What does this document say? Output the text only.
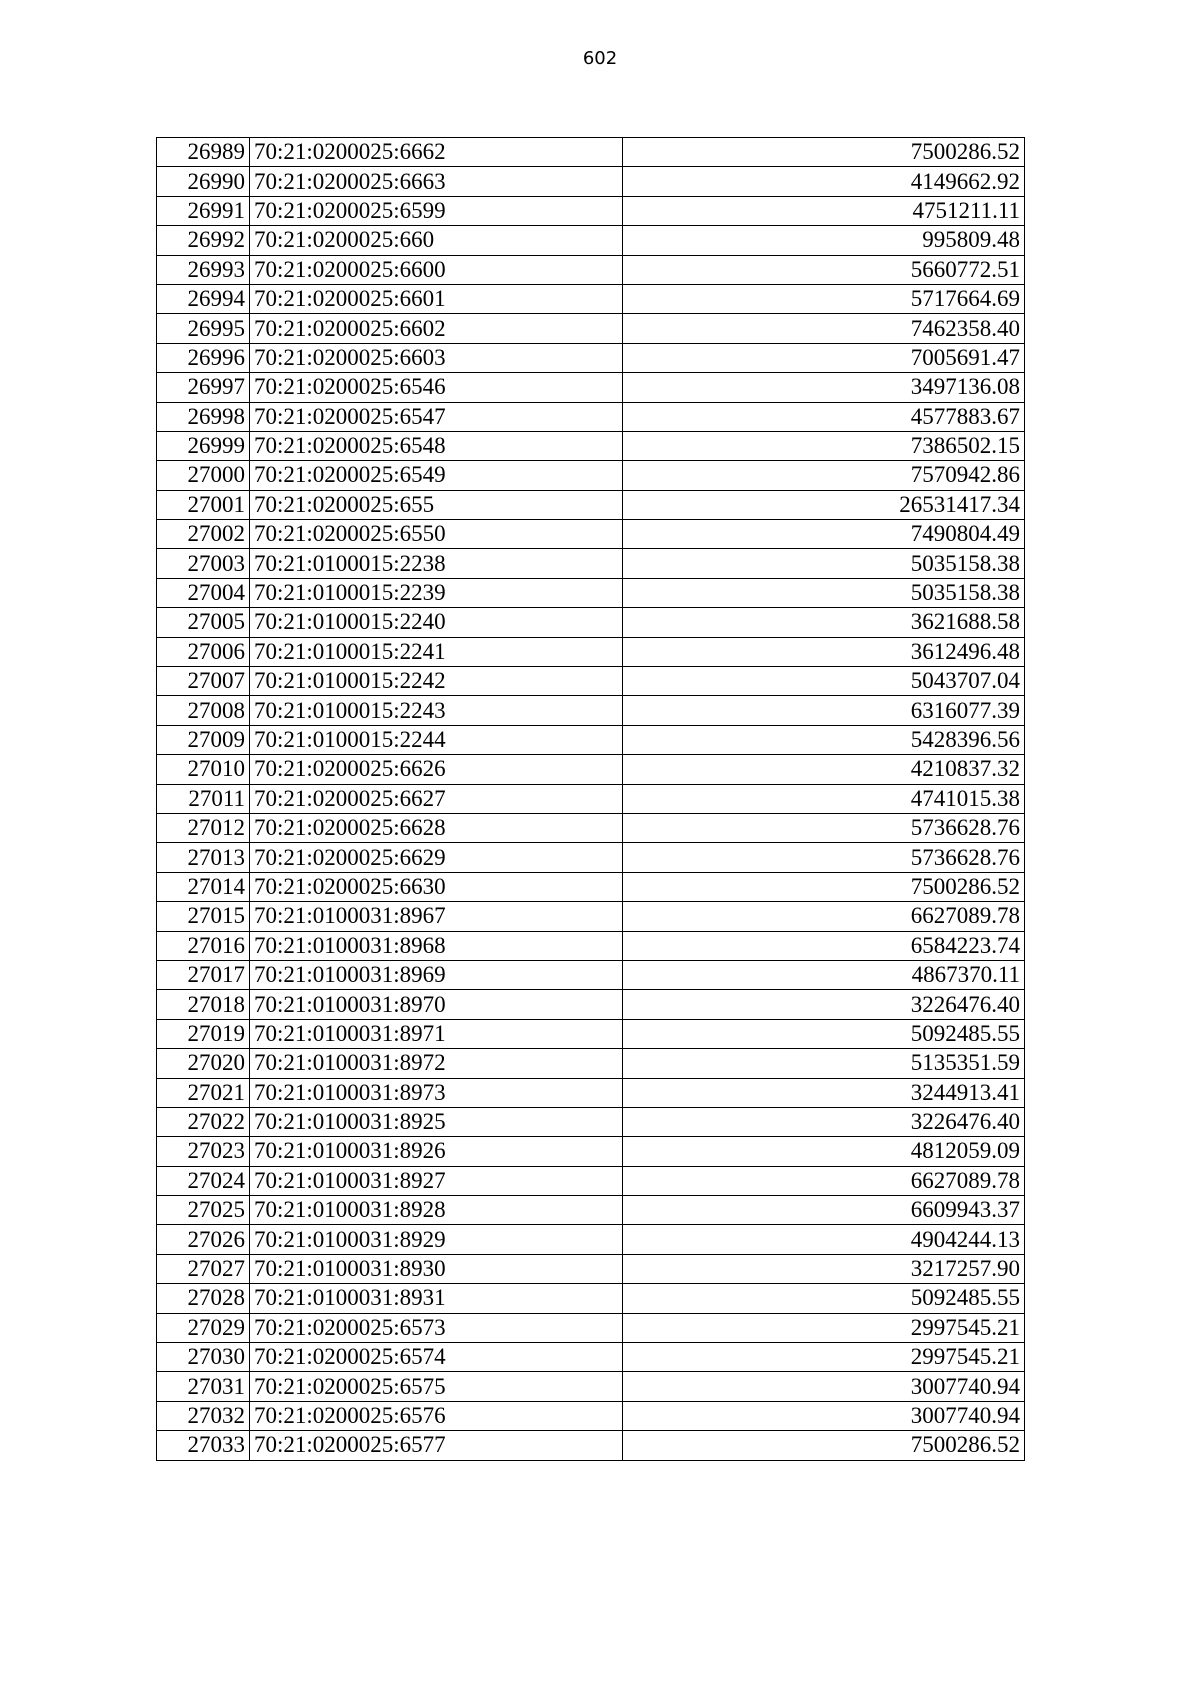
602
26989	70:21:0200025:6662	7500286.52
26990	70:21:0200025:6663	4149662.92
26991	70:21:0200025:6599	4751211.11
26992	70:21:0200025:660	995809.48
26993	70:21:0200025:6600	5660772.51
26994	70:21:0200025:6601	5717664.69
26995	70:21:0200025:6602	7462358.40
26996	70:21:0200025:6603	7005691.47
26997	70:21:0200025:6546	3497136.08
26998	70:21:0200025:6547	4577883.67
26999	70:21:0200025:6548	7386502.15
27000	70:21:0200025:6549	7570942.86
27001	70:21:0200025:655	26531417.34
27002	70:21:0200025:6550	7490804.49
27003	70:21:0100015:2238	5035158.38
27004	70:21:0100015:2239	5035158.38
27005	70:21:0100015:2240	3621688.58
27006	70:21:0100015:2241	3612496.48
27007	70:21:0100015:2242	5043707.04
27008	70:21:0100015:2243	6316077.39
27009	70:21:0100015:2244	5428396.56
27010	70:21:0200025:6626	4210837.32
27011	70:21:0200025:6627	4741015.38
27012	70:21:0200025:6628	5736628.76
27013	70:21:0200025:6629	5736628.76
27014	70:21:0200025:6630	7500286.52
27015	70:21:0100031:8967	6627089.78
27016	70:21:0100031:8968	6584223.74
27017	70:21:0100031:8969	4867370.11
27018	70:21:0100031:8970	3226476.40
27019	70:21:0100031:8971	5092485.55
27020	70:21:0100031:8972	5135351.59
27021	70:21:0100031:8973	3244913.41
27022	70:21:0100031:8925	3226476.40
27023	70:21:0100031:8926	4812059.09
27024	70:21:0100031:8927	6627089.78
27025	70:21:0100031:8928	6609943.37
27026	70:21:0100031:8929	4904244.13
27027	70:21:0100031:8930	3217257.90
27028	70:21:0100031:8931	5092485.55
27029	70:21:0200025:6573	2997545.21
27030	70:21:0200025:6574	2997545.21
27031	70:21:0200025:6575	3007740.94
27032	70:21:0200025:6576	3007740.94
27033	70:21:0200025:6577	7500286.52
